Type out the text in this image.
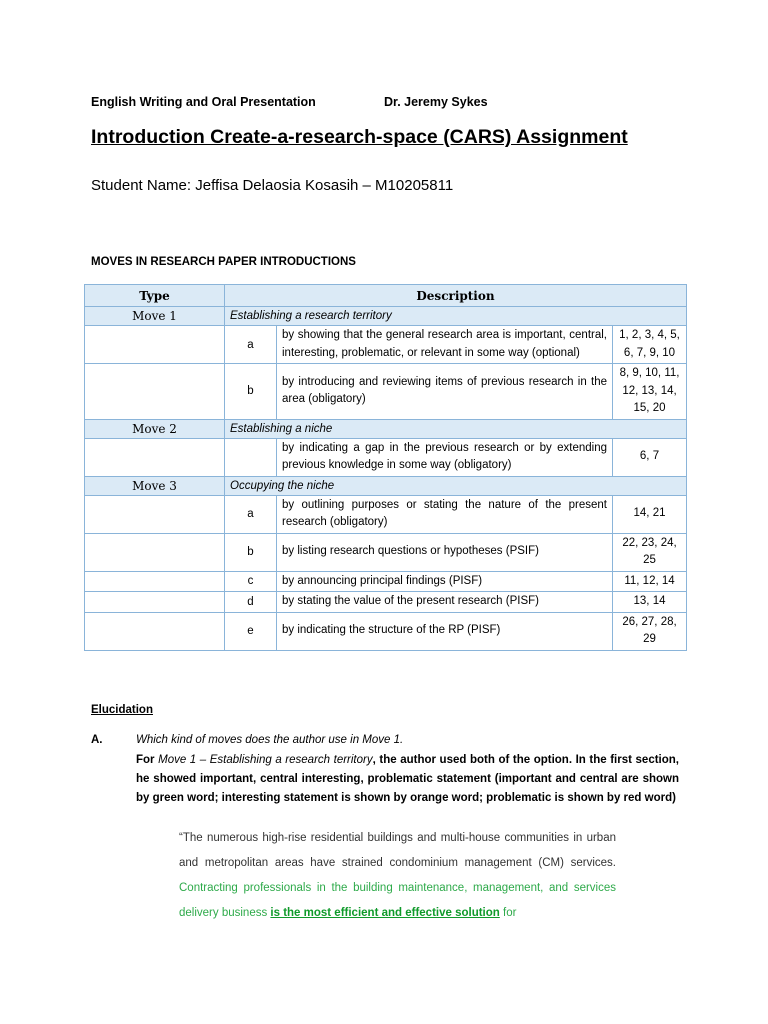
English Writing and Oral Presentation	Dr. Jeremy Sykes
Introduction Create-a-research-space (CARS) Assignment
Student Name: Jeffisa Delaosia Kosasih – M10205811
MOVES IN RESEARCH PAPER INTRODUCTIONS
Type	Description		
Move 1	Establishing a research territory		
	a	by showing that the general research area is important, central, interesting, problematic, or relevant in some way (optional)	1, 2, 3, 4, 5, 6, 7, 9, 10
	b	by introducing and reviewing items of previous research in the area (obligatory)	8, 9, 10, 11, 12, 13, 14, 15, 20
Move 2	Establishing a niche		
		by indicating a gap in the previous research or by extending previous knowledge in some way (obligatory)	6, 7
Move 3	Occupying the niche		
	a	by outlining purposes or stating the nature of the present research (obligatory)	14, 21
	b	by listing research questions or hypotheses (PSIF)	22, 23, 24, 25
	c	by announcing principal findings (PISF)	11, 12, 14
	d	by stating the value of the present research (PISF)	13, 14
	e	by indicating the structure of the RP (PISF)	26, 27, 28, 29
Elucidation
A.	Which kind of moves does the author use in Move 1.
For Move 1 – Establishing a research territory, the author used both of the option. In the first section, he showed important, central interesting, problematic statement (important and central are shown by green word; interesting statement is shown by orange word; problematic is shown by red word)
“The numerous high-rise residential buildings and multi-house communities in urban and metropolitan areas have strained condominium management (CM) services. Contracting professionals in the building maintenance, management, and services delivery business is the most efficient and effective solution for
